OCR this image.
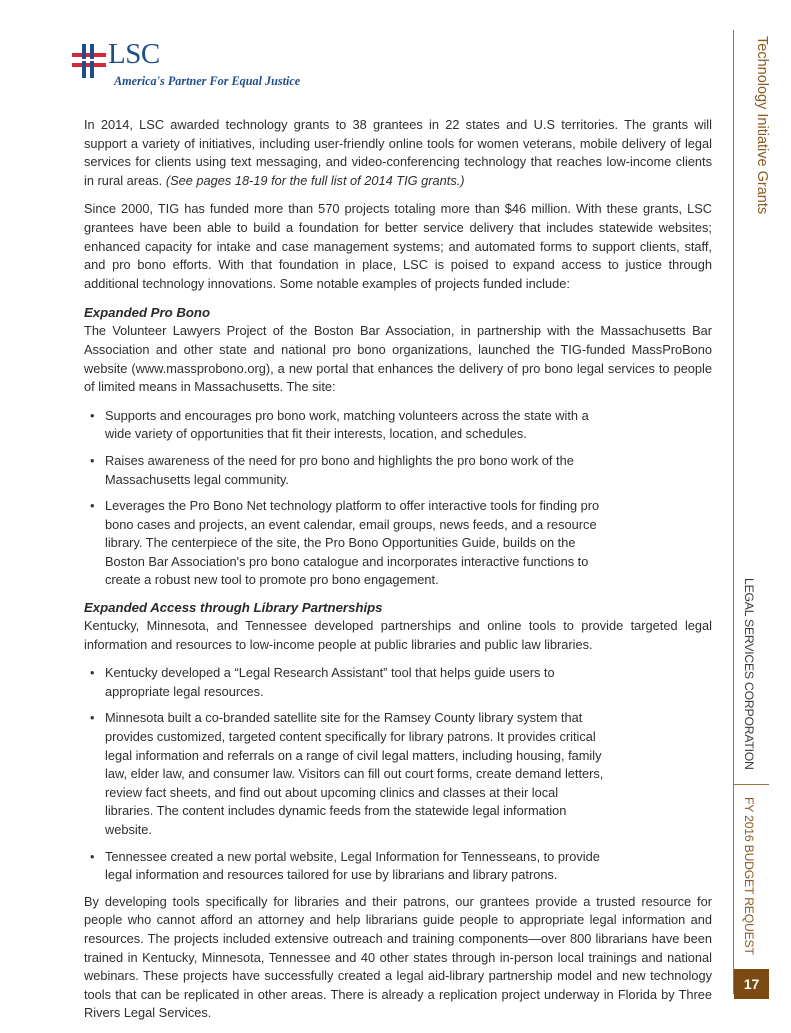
LSC
America's Partner For Equal Justice

In 2014, LSC awarded technology grants to 38 grantees in 22 states and U.S territories. The grants will support a variety of initiatives, including user-friendly online tools for women veterans, mobile delivery of legal services for clients using text messaging, and video-conferencing technology that reaches low-income clients in rural areas. (See pages 18-19 for the full list of 2014 TIG grants.)

Since 2000, TIG has funded more than 570 projects totaling more than $46 million. With these grants, LSC grantees have been able to build a foundation for better service delivery that includes statewide websites; enhanced capacity for intake and case management systems; and automated forms to support clients, staff, and pro bono efforts. With that foundation in place, LSC is poised to expand access to justice through additional technology innovations. Some notable examples of projects funded include:

Expanded Pro Bono

The Volunteer Lawyers Project of the Boston Bar Association, in partnership with the Massachusetts Bar Association and other state and national pro bono organizations, launched the TIG-funded MassProBono website (www.massprobono.org), a new portal that enhances the delivery of pro bono legal services to people of limited means in Massachusetts. The site:

• Supports and encourages pro bono work, matching volunteers across the state with a wide variety of opportunities that fit their interests, location, and schedules.
• Raises awareness of the need for pro bono and highlights the pro bono work of the Massachusetts legal community.
• Leverages the Pro Bono Net technology platform to offer interactive tools for finding pro bono cases and projects, an event calendar, email groups, news feeds, and a resource library. The centerpiece of the site, the Pro Bono Opportunities Guide, builds on the Boston Bar Association's pro bono catalogue and incorporates interactive functions to create a robust new tool to promote pro bono engagement.
Expanded Access through Library Partnerships

Kentucky, Minnesota, and Tennessee developed partnerships and online tools to provide targeted legal information and resources to low-income people at public libraries and public law libraries.

• Kentucky developed a “Legal Research Assistant” tool that helps guide users to appropriate legal resources.
• Minnesota built a co-branded satellite site for the Ramsey County library system that provides customized, targeted content specifically for library patrons. It provides critical legal information and referrals on a range of civil legal matters, including housing, family law, elder law, and consumer law. Visitors can fill out court forms, create demand letters, review fact sheets, and find out about upcoming clinics and classes at their local libraries. The content includes dynamic feeds from the statewide legal information website.
• Tennessee created a new portal website, Legal Information for Tennesseans, to provide legal information and resources tailored for use by librarians and library patrons.

By developing tools specifically for libraries and their patrons, our grantees provide a trusted resource for people who cannot afford an attorney and help librarians guide people to appropriate legal information and resources. The projects included extensive outreach and training components—over 800 librarians have been trained in Kentucky, Minnesota, Tennessee and 40 other states through in-person local trainings and national webinars. These projects have successfully created a legal aid-library partnership model and new technology tools that can be replicated in other areas. There is already a replication project underway in Florida by Three Rivers Legal Services.

Technology Initiative Grants
LEGAL SERVICES CORPORATION
FY 2016 BUDGET REQUEST
17
